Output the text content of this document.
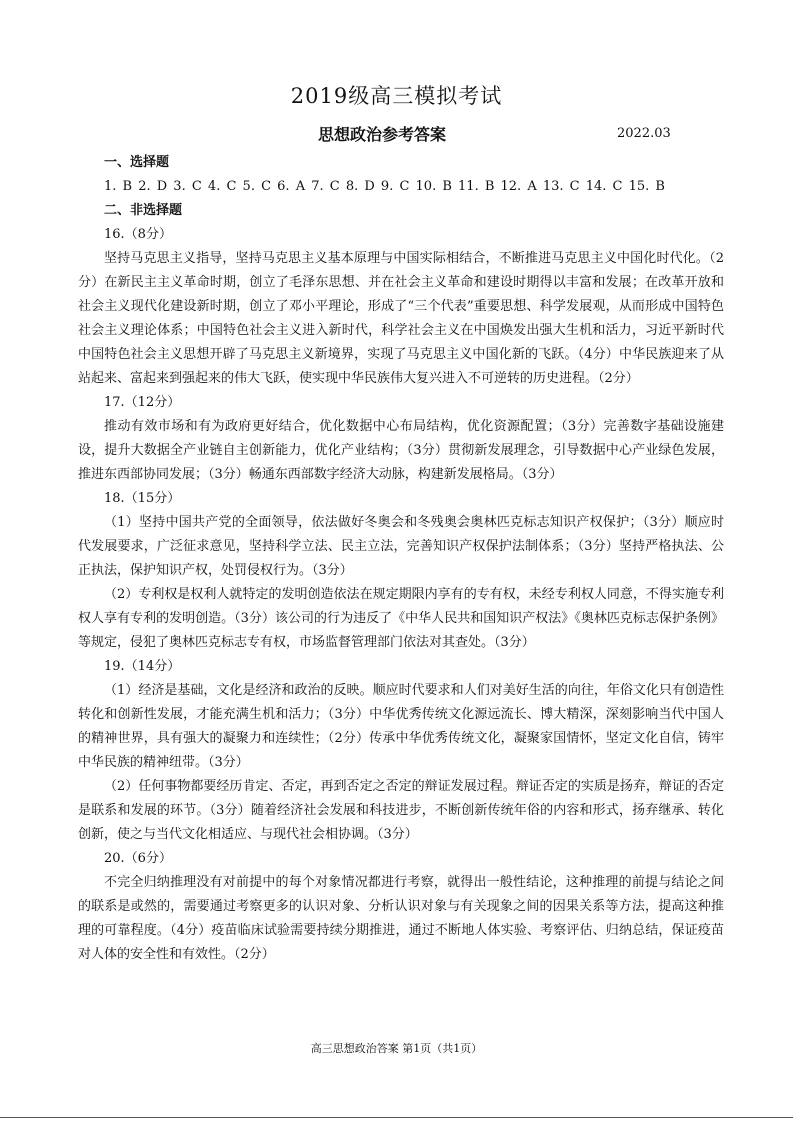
2019级高三模拟考试
思想政治参考答案	2022.03

一、选择题

1. B 2. D 3. C 4. C 5. C 6. A 7. C 8. D 9. C 10. B 11. B 12. A 13. C 14. C 15. B

二、非选择题

16.（8分）

坚持马克思主义指导，坚持马克思主义基本原理与中国实际相结合，不断推进马克思主义中国化时代化。（2分）在新民主主义革命时期，创立了毛泽东思想、并在社会主义革命和建设时期得以丰富和发展；在改革开放和社会主义现代化建设新时期，创立了邓小平理论，形成了“三个代表”重要思想、科学发展观，从而形成中国特色社会主义理论体系；中国特色社会主义进入新时代，科学社会主义在中国焕发出强大生机和活力，习近平新时代中国特色社会主义思想开辟了马克思主义新境界，实现了马克思主义中国化新的飞跃。（4分）中华民族迎来了从站起来、富起来到强起来的伟大飞跃，使实现中华民族伟大复兴进入不可逆转的历史进程。（2分）

17.（12分）

推动有效市场和有为政府更好结合，优化数据中心布局结构，优化资源配置；（3分）完善数字基础设施建设，提升大数据全产业链自主创新能力，优化产业结构；（3分）贯彻新发展理念，引导数据中心产业绿色发展，推进东西部协同发展；（3分）畅通东西部数字经济大动脉，构建新发展格局。（3分）

18.（15分）

（1）坚持中国共产党的全面领导，依法做好冬奥会和冬残奥会奥林匹克标志知识产权保护；（3分）顺应时代发展要求，广泛征求意见，坚持科学立法、民主立法，完善知识产权保护法制体系；（3分）坚持严格执法、公正执法，保护知识产权，处罚侵权行为。（3分）

（2）专利权是权利人就特定的发明创造依法在规定期限内享有的专有权，未经专利权人同意，不得实施专利权人享有专利的发明创造。（3分）该公司的行为违反了《中华人民共和国知识产权法》《奥林匹克标志保护条例》等规定，侵犯了奥林匹克标志专有权，市场监督管理部门依法对其查处。（3分）

19.（14分）

（1）经济是基础，文化是经济和政治的反映。顺应时代要求和人们对美好生活的向往，年俗文化只有创造性转化和创新性发展，才能充满生机和活力；（3分）中华优秀传统文化源远流长、博大精深，深刻影响当代中国人的精神世界，具有强大的凝聚力和连续性；（2分）传承中华优秀传统文化，凝聚家国情怀，坚定文化自信，铸牢中华民族的精神纽带。（3分）

（2）任何事物都要经历肯定、否定，再到否定之否定的辩证发展过程。辩证否定的实质是扬弃，辩证的否定是联系和发展的环节。（3分）随着经济社会发展和科技进步，不断创新传统年俗的内容和形式，扬弃继承、转化创新，使之与当代文化相适应、与现代社会相协调。（3分）

20.（6分）

不完全归纳推理没有对前提中的每个对象情况都进行考察，就得出一般性结论，这种推理的前提与结论之间的联系是或然的，需要通过考察更多的认识对象、分析认识对象与有关现象之间的因果关系等方法，提高这种推理的可靠程度。（4分）疫苗临床试验需要持续分期推进，通过不断地人体实验、考察评估、归纳总结，保证疫苗对人体的安全性和有效性。（2分）

高三思想政治答案 第1页（共1页）
